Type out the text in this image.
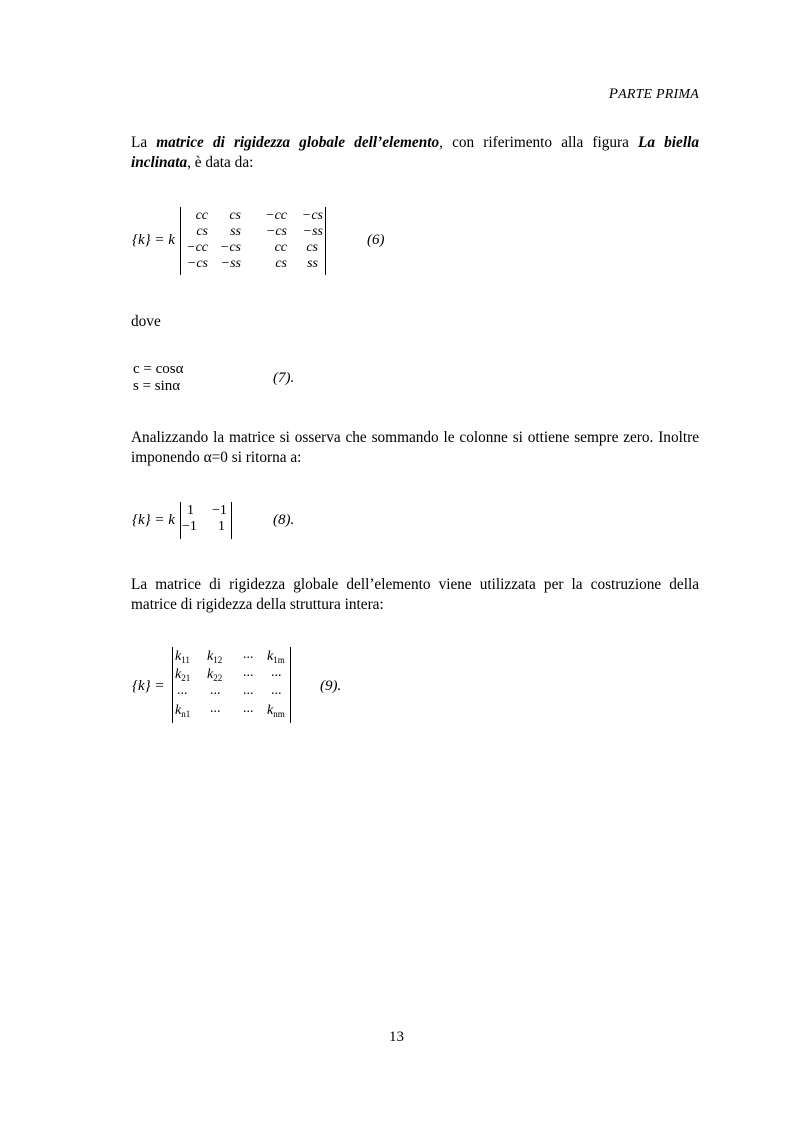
PARTE PRIMA
La matrice di rigidezza globale dell’elemento, con riferimento alla figura La biella inclinata, è data da:
{k} = k
cc cs −cc −cs
cs ss −cs −ss
−cc −cs cc cs
−cs −ss cs ss
(6)
dove
c = cosα
s = sinα	(7).
Analizzando la matrice si osserva che sommando le colonne si ottiene sempre zero. Inoltre imponendo α=0 si ritorna a:
{k} = k
1 −1
−1 1	(8).
La matrice di rigidezza globale dell’elemento viene utilizzata per la costruzione della matrice di rigidezza della struttura intera:
{k} =
$k_{11}$ $k_{12}$ ... $k_{1m}$
$k_{21}$ $k_{22}$ ... ...
... ... ... ...
$k_{n1}$ ... ... $k_{nm}$
(9).
13
